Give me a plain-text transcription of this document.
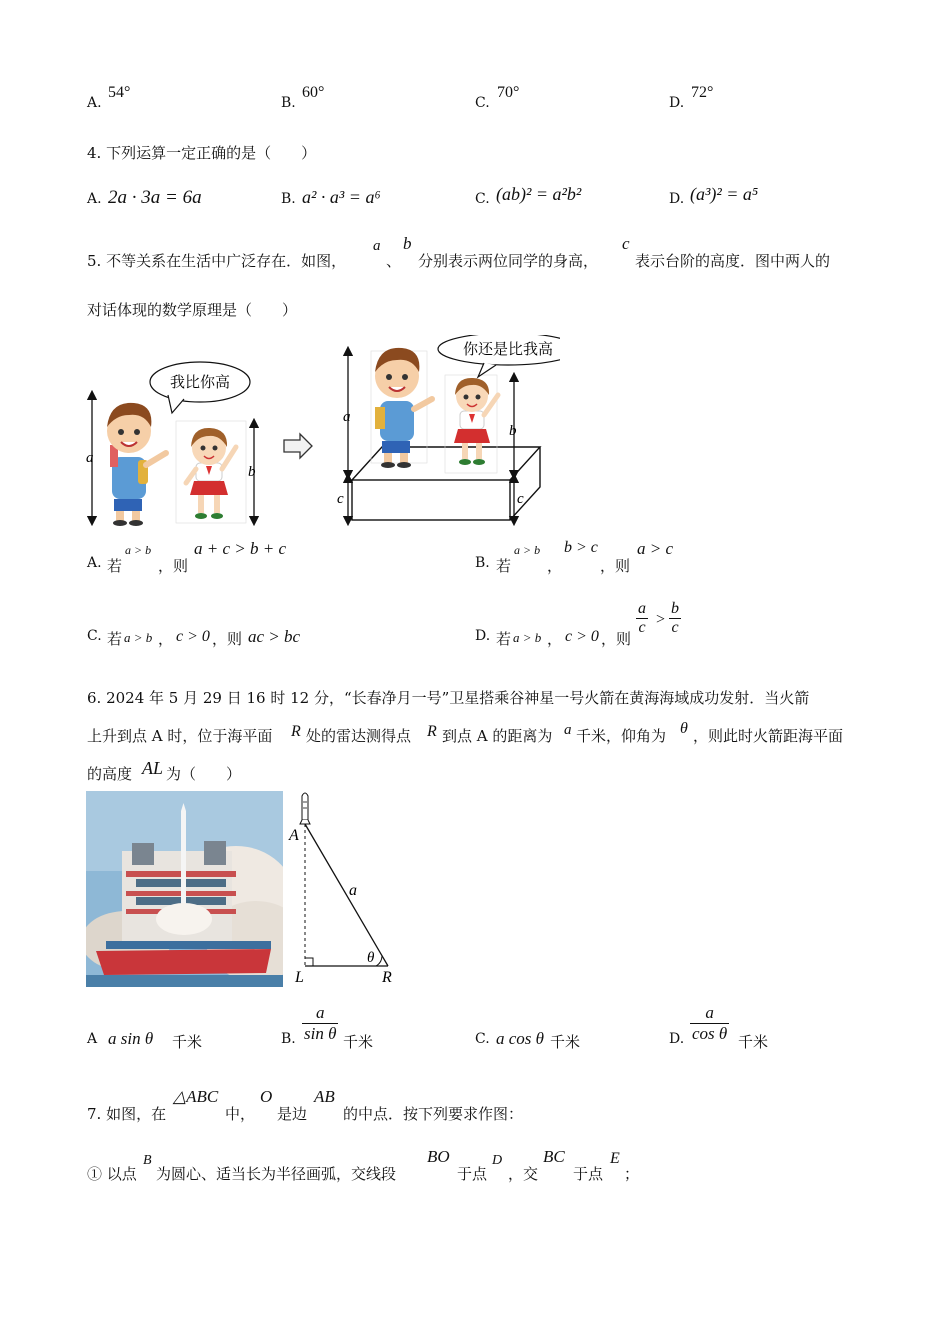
A.
54°
B.
60°
C.
70°
D.
72°
4. 下列运算一定正确的是（　　）
A. 2a · 3a = 6a	B. a² · a³ = a⁶	C. (ab)² = a²b²	D. (a³)² = a⁵
5. 不等关系在生活中广泛存在．如图，
a
、
b
分别表示两位同学的身高，
c
表示台阶的高度．图中两人的
对话体现的数学原理是（　　）
a
我比你高
b
a
c
你还是比我高
b
c
A. 若
a > b
，则
a + c > b + c
B. 若
a > b
，
b > c
，则
a > c
C. 若 a > b ， c > 0 ，则 ac > bc	D. 若 a > b ， c > 0 ，则
$\frac{a}{c} > \frac{b}{c}$
6. 2024 年 5 月 29 日 16 时 12 分，“长春净月一号”卫星搭乘谷神星一号火箭在黄海海域成功发射．当火箭
上升到点 A 时，位于海平面 R 处的雷达测得点 R 到点 A 的距离为 a 千米，仰角为 θ ，则此时火箭距海平面
的高度 AL 为（　　）
A
a
θ
L	R
A a sin θ 千米	B. $\frac{a}{\text{sin θ}}$ 千米	C. a cos θ 千米	D. $\frac{a}{\text{cos θ}}$ 千米
7. 如图，在
△ABC
中，
O
是边
AB
的中点．按下列要求作图：
① 以点
B
为圆心、适当长为半径画弧，交线段
BO
于点
D
，交
BC
于点
E
；
